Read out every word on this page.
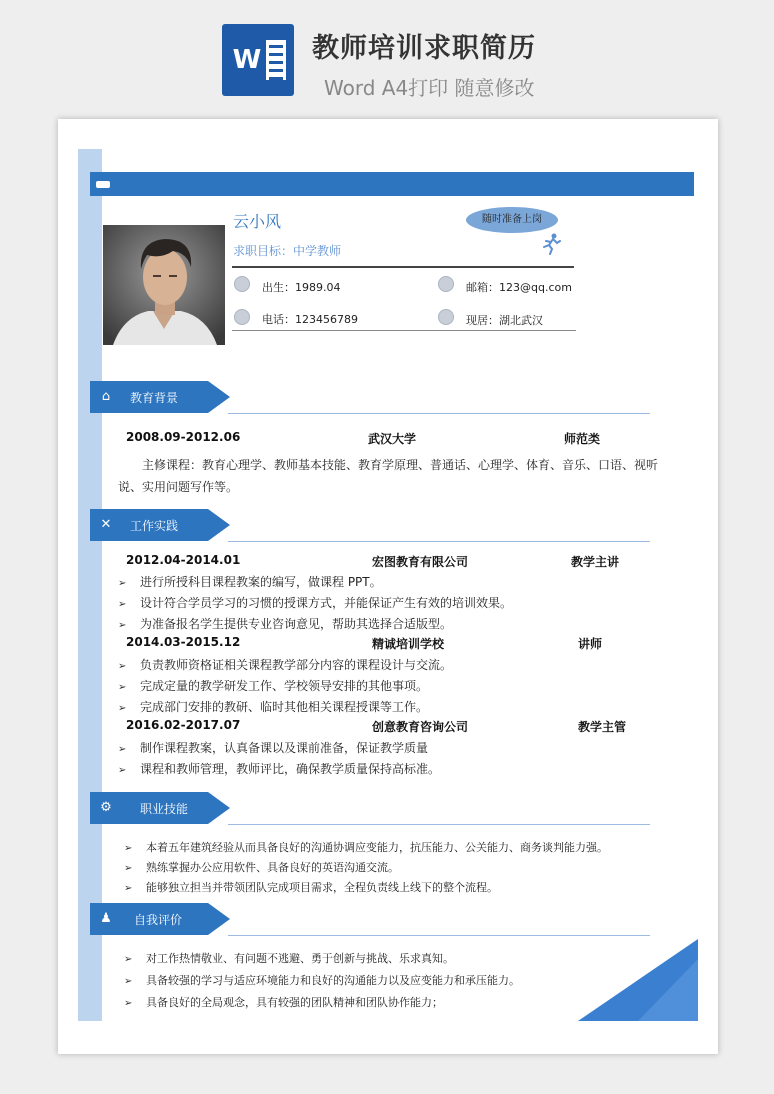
W 教师培训求职简历
Word A4打印 随意修改
云小风
求职目标：中学教师
随时准备上岗
出生：1989.04	邮箱：123@qq.com
电话：123456789	现居：湖北武汉
⌂	教育背景
2008.09-2012.06	武汉大学	师范类
主修课程：教育心理学、教师基本技能、教育学原理、普通话、心理学、体育、音乐、口语、视听说、实用问题写作等。
✕ 工作实践
2012.04-2014.01	宏图教育有限公司	教学主讲
➢ 进行所授科目课程教案的编写，做课程 PPT。
➢ 设计符合学员学习的习惯的授课方式，并能保证产生有效的培训效果。
➢ 为准备报名学生提供专业咨询意见，帮助其选择合适版型。
2014.03-2015.12	精诚培训学校	讲师
➢ 负责教师资格证相关课程教学部分内容的课程设计与交流。
➢ 完成定量的教学研发工作、学校领导安排的其他事项。
➢ 完成部门安排的教研、临时其他相关课程授课等工作。
2016.02-2017.07	创意教育咨询公司	教学主管
➢ 制作课程教案，认真备课以及课前准备，保证教学质量
➢ 课程和教师管理，教师评比，确保教学质量保持高标准。
⚙ 职业技能
➢ 本着五年建筑经验从而具备良好的沟通协调应变能力，抗压能力、公关能力、商务谈判能力强。
➢ 熟练掌握办公应用软件、具备良好的英语沟通交流。
➢ 能够独立担当并带领团队完成项目需求，全程负责线上线下的整个流程。
♟ 自我评价
➢ 对工作热情敬业、有问题不逃避、勇于创新与挑战、乐求真知。
➢ 具备较强的学习与适应环境能力和良好的沟通能力以及应变能力和承压能力。
➢ 具备良好的全局观念，具有较强的团队精神和团队协作能力；
